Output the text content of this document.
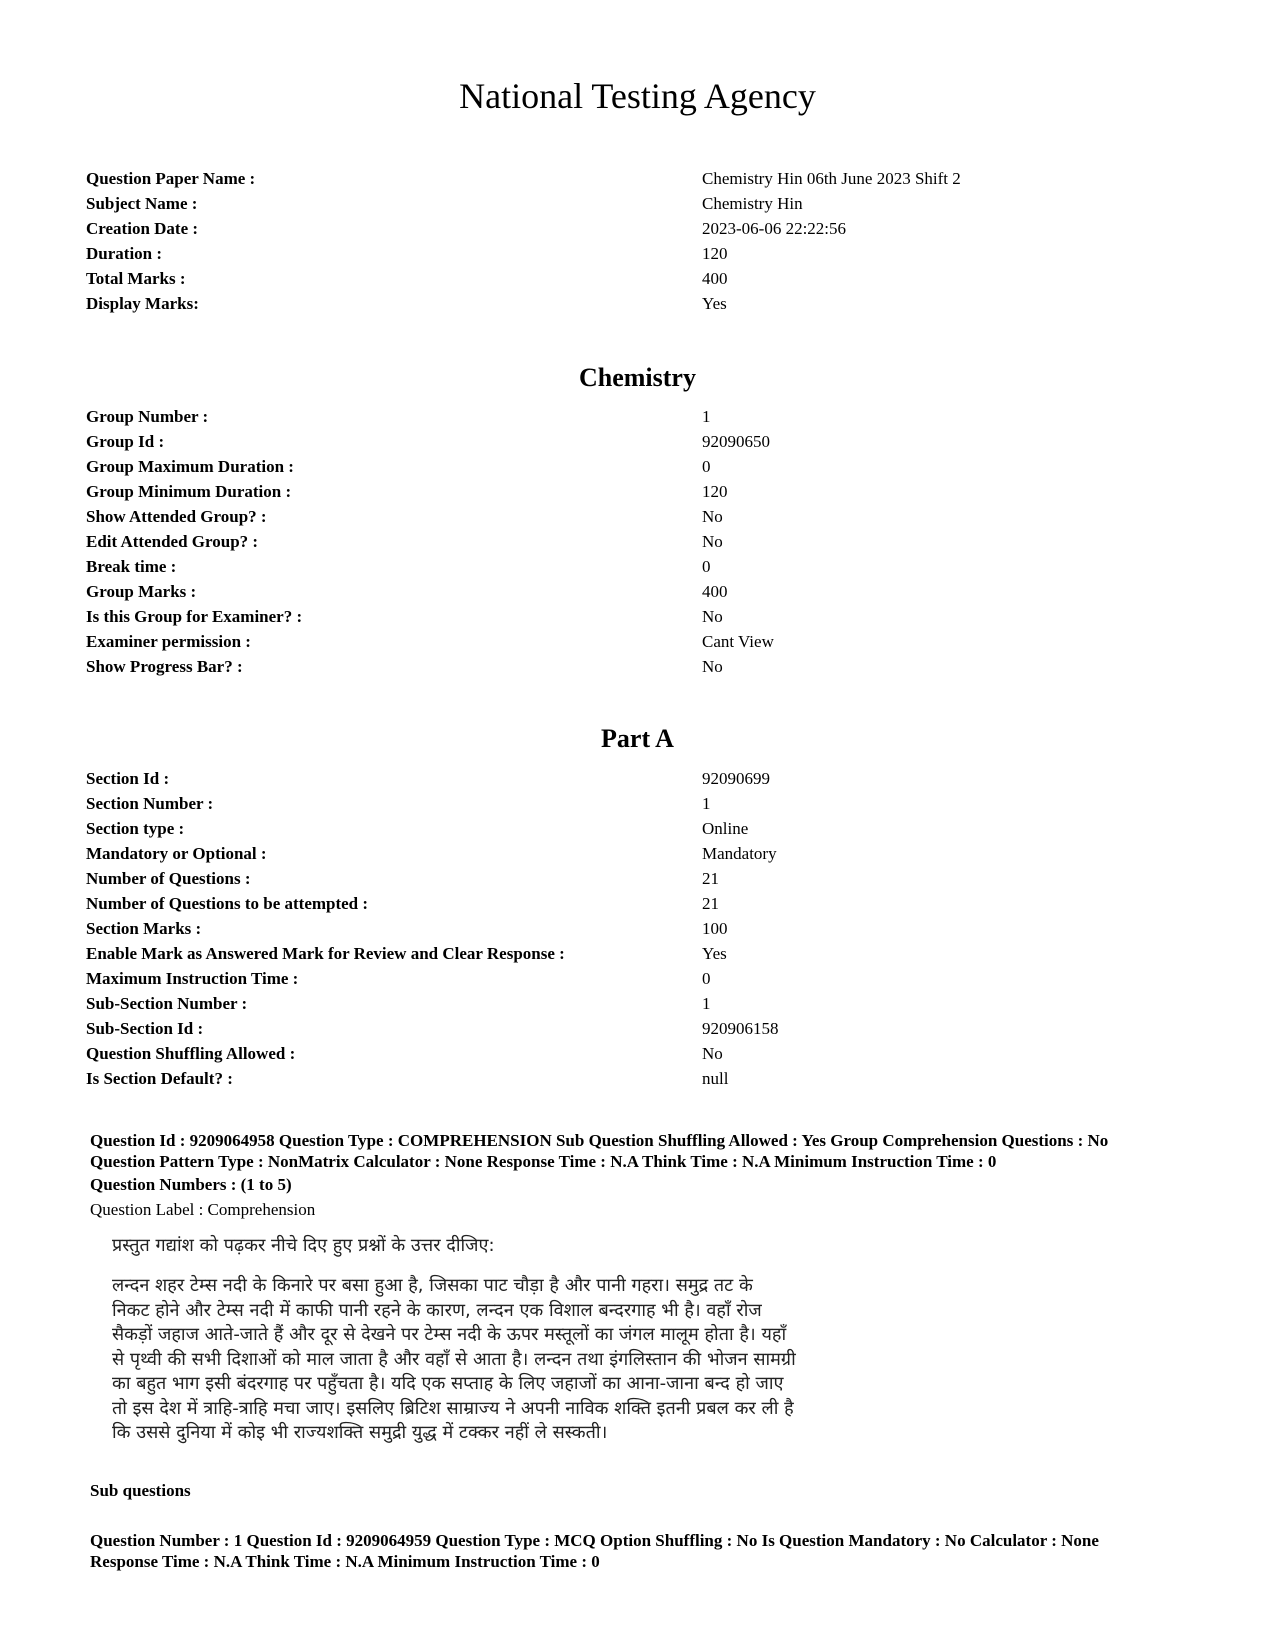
National Testing Agency
Question Paper Name :	Chemistry Hin 06th June 2023 Shift 2
Subject Name :	Chemistry Hin
Creation Date :	2023-06-06 22:22:56
Duration :	120
Total Marks :	400
Display Marks:	Yes
Chemistry
Group Number :	1
Group Id :	92090650
Group Maximum Duration :	0
Group Minimum Duration :	120
Show Attended Group? :	No
Edit Attended Group? :	No
Break time :	0
Group Marks :	400
Is this Group for Examiner? :	No
Examiner permission :	Cant View
Show Progress Bar? :	No
Part A
Section Id :	92090699
Section Number :	1
Section type :	Online
Mandatory or Optional :	Mandatory
Number of Questions :	21
Number of Questions to be attempted :	21
Section Marks :	100
Enable Mark as Answered Mark for Review and Clear Response :	Yes
Maximum Instruction Time :	0
Sub-Section Number :	1
Sub-Section Id :	920906158
Question Shuffling Allowed :	No
Is Section Default? :	null
Question Id : 9209064958 Question Type : COMPREHENSION Sub Question Shuffling Allowed : Yes Group Comprehension Questions : No
Question Pattern Type : NonMatrix Calculator : None Response Time : N.A Think Time : N.A Minimum Instruction Time : 0
Question Numbers : (1 to 5)
Question Label : Comprehension
प्रस्तुत गद्यांश को पढ़कर नीचे दिए हुए प्रश्नों के उत्तर दीजिए:
लन्दन शहर टेम्स नदी के किनारे पर बसा हुआ है, जिसका पाट चौड़ा है और पानी गहरा। समुद्र तट के
निकट होने और टेम्स नदी में काफी पानी रहने के कारण, लन्दन एक विशाल बन्दरगाह भी है। वहाँ रोज
सैकड़ों जहाज आते-जाते हैं और दूर से देखने पर टेम्स नदी के ऊपर मस्तूलों का जंगल मालूम होता है। यहाँ
से पृथ्वी की सभी दिशाओं को माल जाता है और वहाँ से आता है। लन्दन तथा इंगलिस्तान की भोजन सामग्री
का बहुत भाग इसी बंदरगाह पर पहुँचता है। यदि एक सप्ताह के लिए जहाजों का आना-जाना बन्द हो जाए
तो इस देश में त्राहि-त्राहि मचा जाए। इसलिए ब्रिटिश साम्राज्य ने अपनी नाविक शक्ति इतनी प्रबल कर ली है
कि उससे दुनिया में कोइ भी राज्यशक्ति समुद्री युद्ध में टक्कर नहीं ले सस्कती।
Sub questions
Question Number : 1 Question Id : 9209064959 Question Type : MCQ Option Shuffling : No Is Question Mandatory : No Calculator : None
Response Time : N.A Think Time : N.A Minimum Instruction Time : 0
